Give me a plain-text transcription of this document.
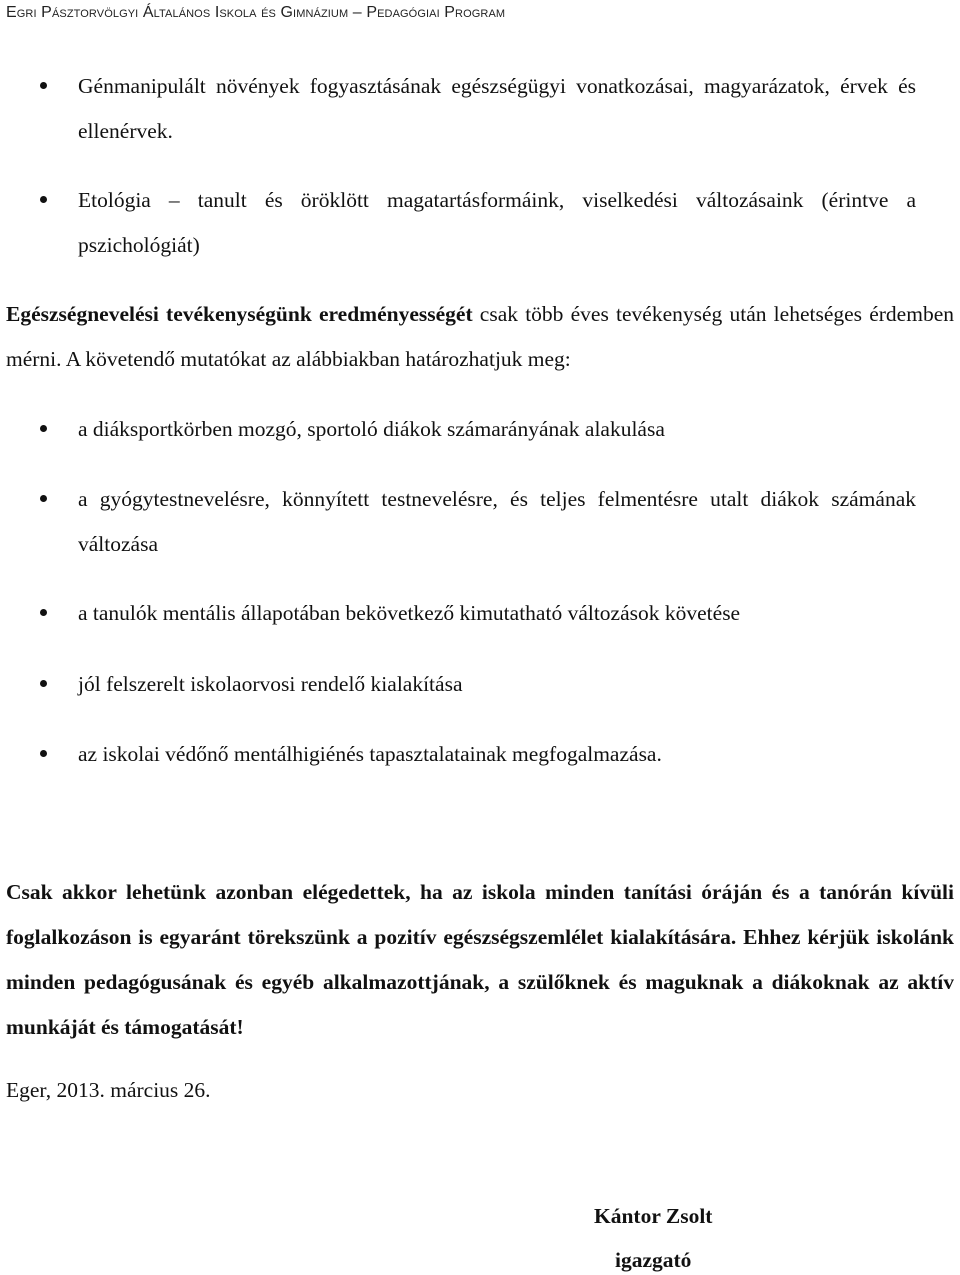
Egri Pásztorvölgyi Általános Iskola és Gimnázium – Pedagógiai Program
Génmanipulált növények fogyasztásának egészségügyi vonatkozásai, magyarázatok, érvek és ellenérvek.
Etológia – tanult és öröklött magatartásformáink, viselkedési változásaink (érintve a pszichológiát)
Egészségnevelési tevékenységünk eredményességét csak több éves tevékenység után lehetséges érdemben mérni. A követendő mutatókat az alábbiakban határozhatjuk meg:
a diáksportkörben mozgó, sportoló diákok számarányának alakulása
a gyógytestnevelésre, könnyített testnevelésre, és teljes felmentésre utalt diákok számának változása
a tanulók mentális állapotában bekövetkező kimutatható változások követése
jól felszerelt iskolaorvosi rendelő kialakítása
az iskolai védőnő mentálhigiénés tapasztalatainak megfogalmazása.
Csak akkor lehetünk azonban elégedettek, ha az iskola minden tanítási óráján és a tanórán kívüli foglalkozáson is egyaránt törekszünk a pozitív egészségszemlélet kialakítására. Ehhez kérjük iskolánk minden pedagógusának és egyéb alkalmazottjának, a szülőknek és maguknak a diákoknak az aktív munkáját és támogatását!
Eger, 2013. március 26.
Kántor Zsolt
igazgató
